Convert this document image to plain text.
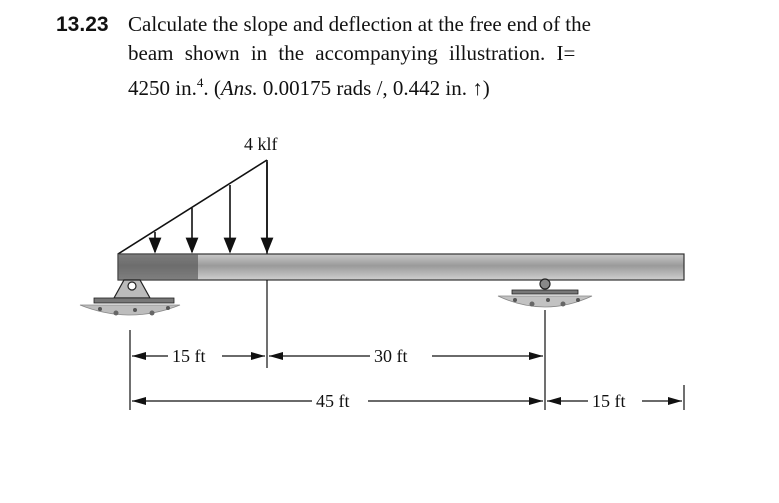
13.23 Calculate the slope and deflection at the free end of the
beam shown in the accompanying illustration. I=
4250 in.$^4$. (Ans. 0.00175 rads /, 0.442 in. ↑)
4 klf
15 ft	30 ft
45 ft	15 ft
